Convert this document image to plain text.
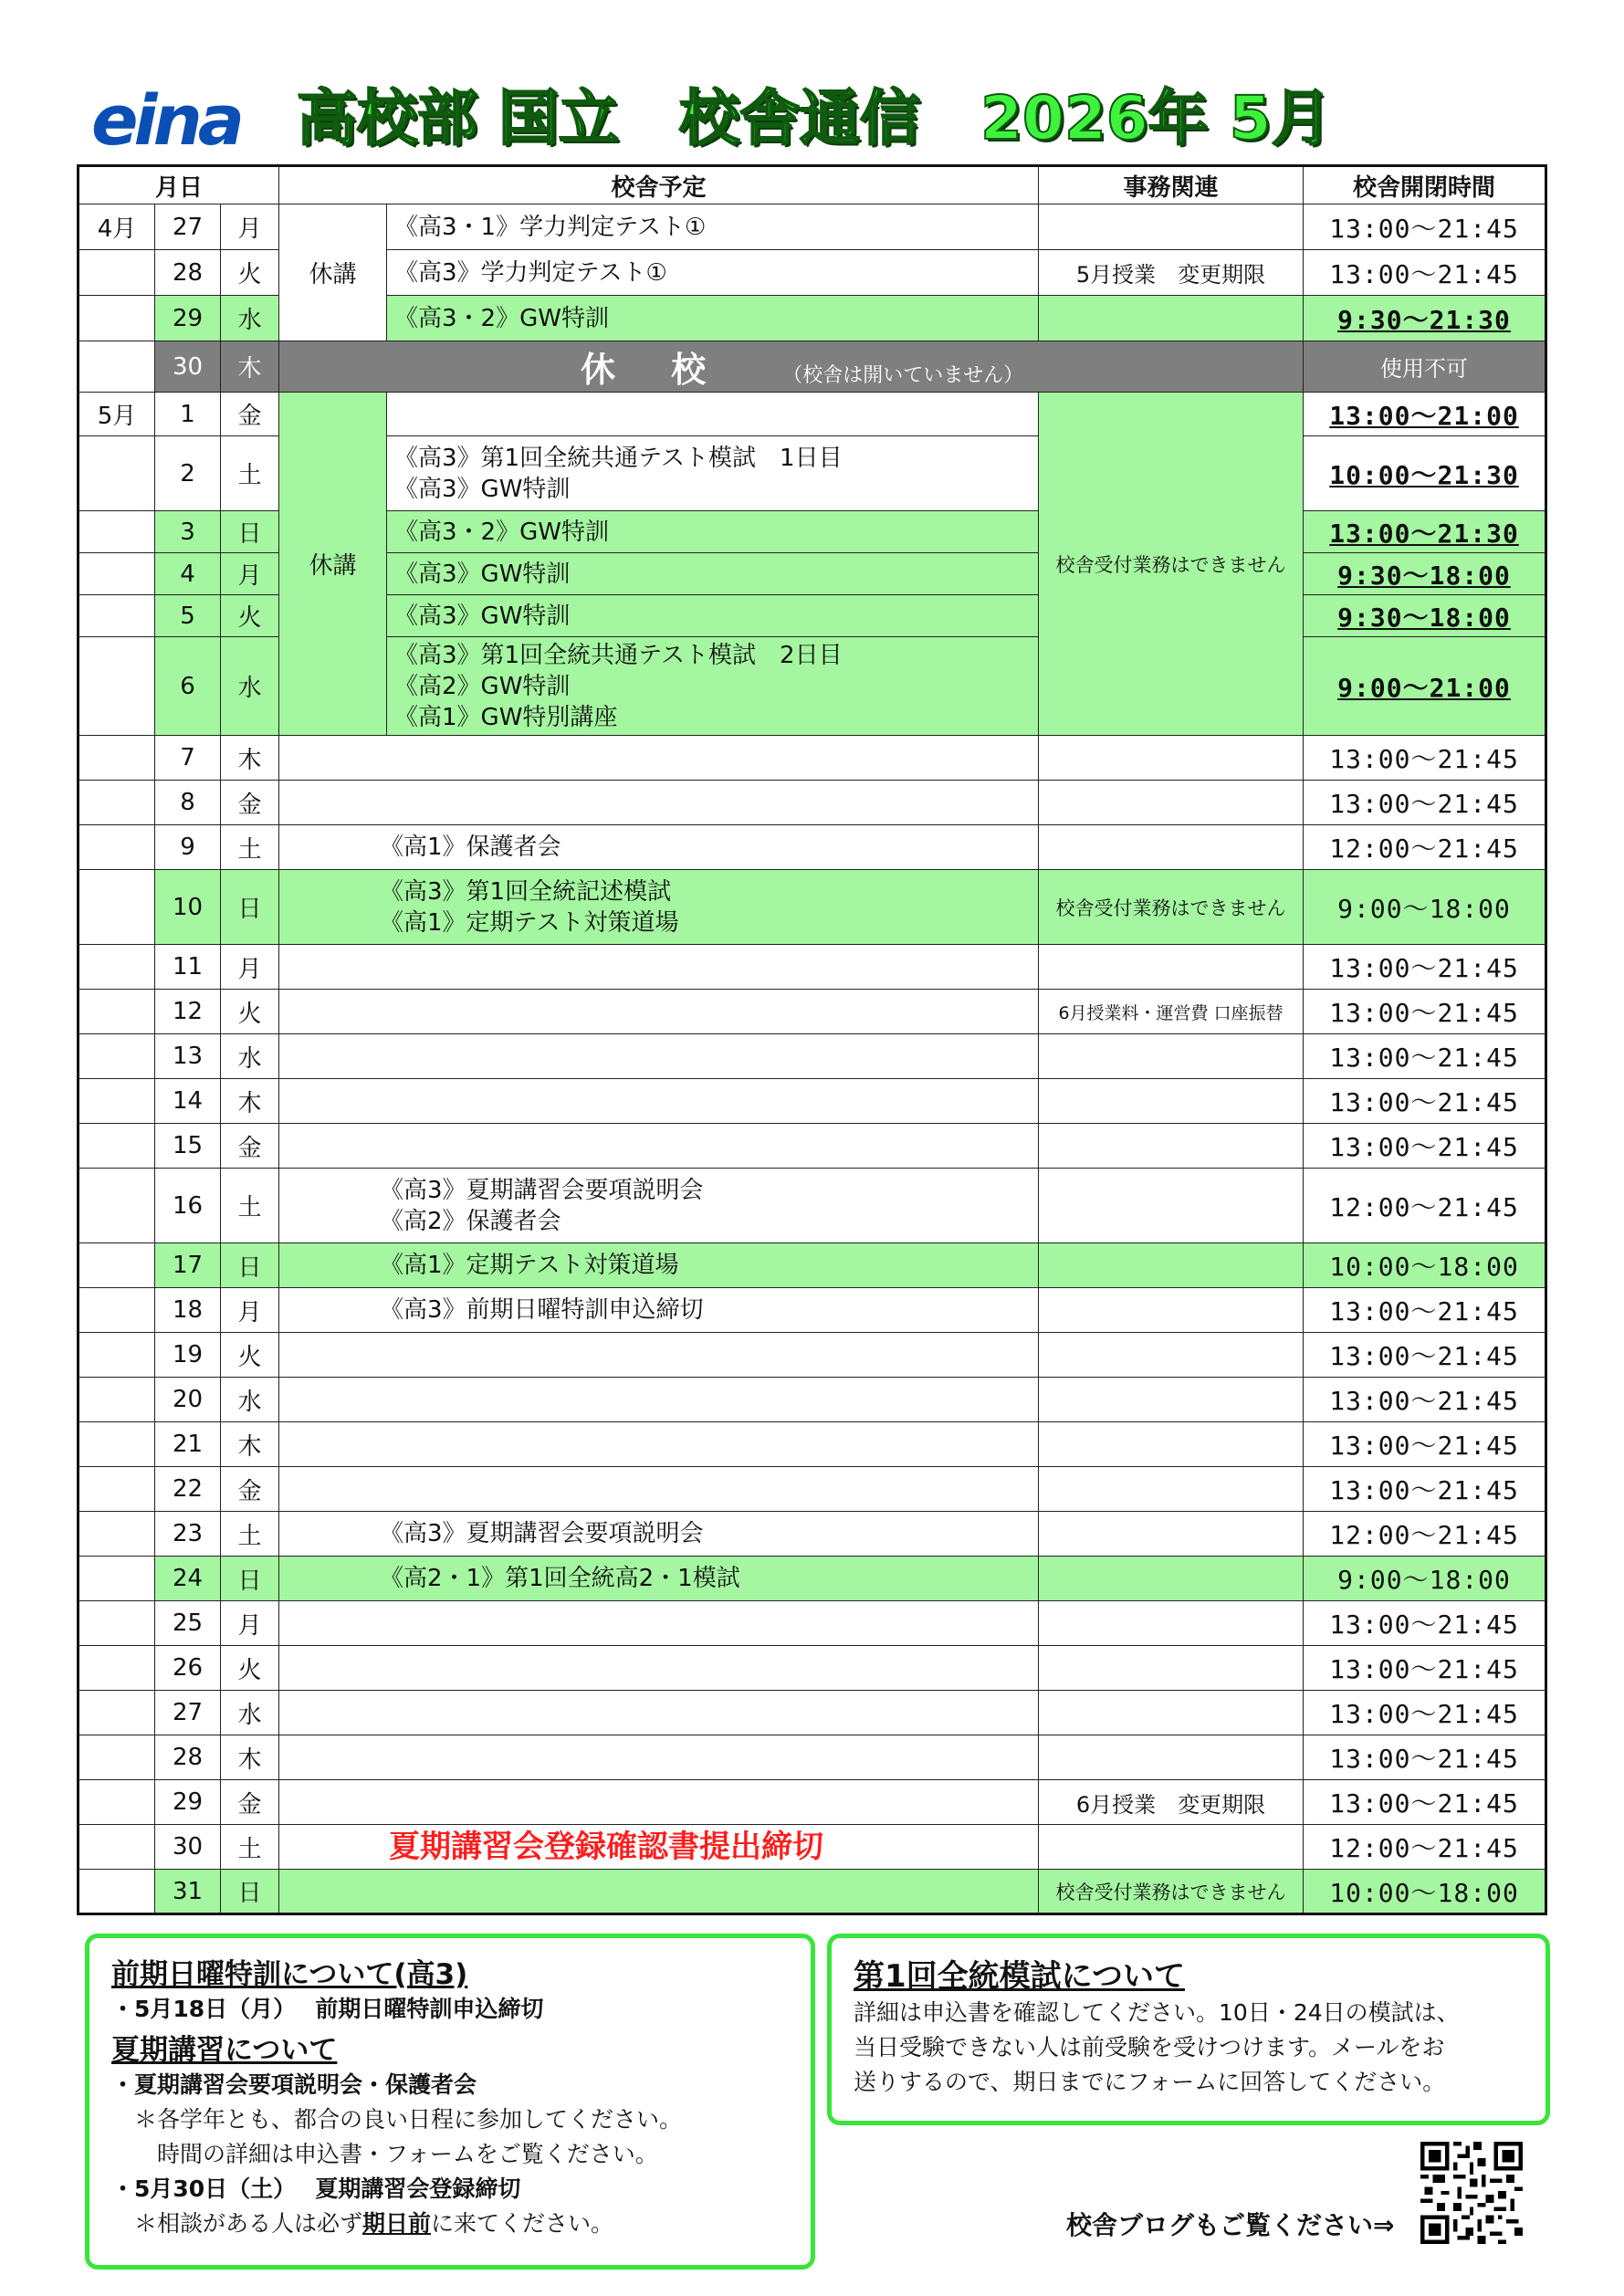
eina 高校部 国立　校舎通信　2026年 5月
月日			校舎予定		事務関連	校舎開閉時間
4月	27	月	休講	《高3・1》学力判定テスト①		13:00～21:45
	28	火		《高3》学力判定テスト①	5月授業　変更期限	13:00～21:45
	29	水		《高3・2》GW特訓		9:30～21:30
	30	木	休 校 （校舎は開いていません）			使用不可
5月	1	金	休講		校舎受付業務はできません	13:00～21:00
	2	土		《高3》第1回全統共通テスト模試　1日目
《高3》GW特訓		10:00～21:30
	3	日		《高3・2》GW特訓		13:00～21:30
	4	月		《高3》GW特訓		9:30～18:00
	5	火		《高3》GW特訓		9:30～18:00
	6	水		《高3》第1回全統共通テスト模試　2日目
《高2》GW特訓
《高1》GW特別講座		9:00～21:00
	7	木				13:00～21:45
	8	金				13:00～21:45
	9	土	《高1》保護者会			12:00～21:45
	10	日	《高3》第1回全統記述模試
《高1》定期テスト対策道場		校舎受付業務はできません	9:00～18:00
	11	月				13:00～21:45
	12	火			6月授業料・運営費 口座振替	13:00～21:45
	13	水				13:00～21:45
	14	木				13:00～21:45
	15	金				13:00～21:45
	16	土	《高3》夏期講習会要項説明会
《高2》保護者会			12:00～21:45
	17	日	《高1》定期テスト対策道場			10:00～18:00
	18	月	《高3》前期日曜特訓申込締切			13:00～21:45
	19	火				13:00～21:45
	20	水				13:00～21:45
	21	木				13:00～21:45
	22	金				13:00～21:45
	23	土	《高3》夏期講習会要項説明会			12:00～21:45
	24	日	《高2・1》第1回全統高2・1模試			9:00～18:00
	25	月				13:00～21:45
	26	火				13:00～21:45
	27	水				13:00～21:45
	28	木				13:00～21:45
	29	金			6月授業　変更期限	13:00～21:45
	30	土	夏期講習会登録確認書提出締切			12:00～21:45
	31	日			校舎受付業務はできません	10:00～18:00
前期日曜特訓について(高3)
・5月18日（月）　 前期日曜特訓申込締切
夏期講習について
・夏期講習会要項説明会・保護者会
　＊各学年とも、都合の良い日程に参加してください。
　　時間の詳細は申込書・フォームをご覧ください。
・5月30日（土）　 夏期講習会登録締切
　＊相談がある人は必ず期日前に来てください。
第1回全統模試について
詳細は申込書を確認してください。10日・24日の模試は、
当日受験できない人は前受験を受けつけます。メールをお
送りするので、期日までにフォームに回答してください。
校舎ブログもご覧ください⇒
